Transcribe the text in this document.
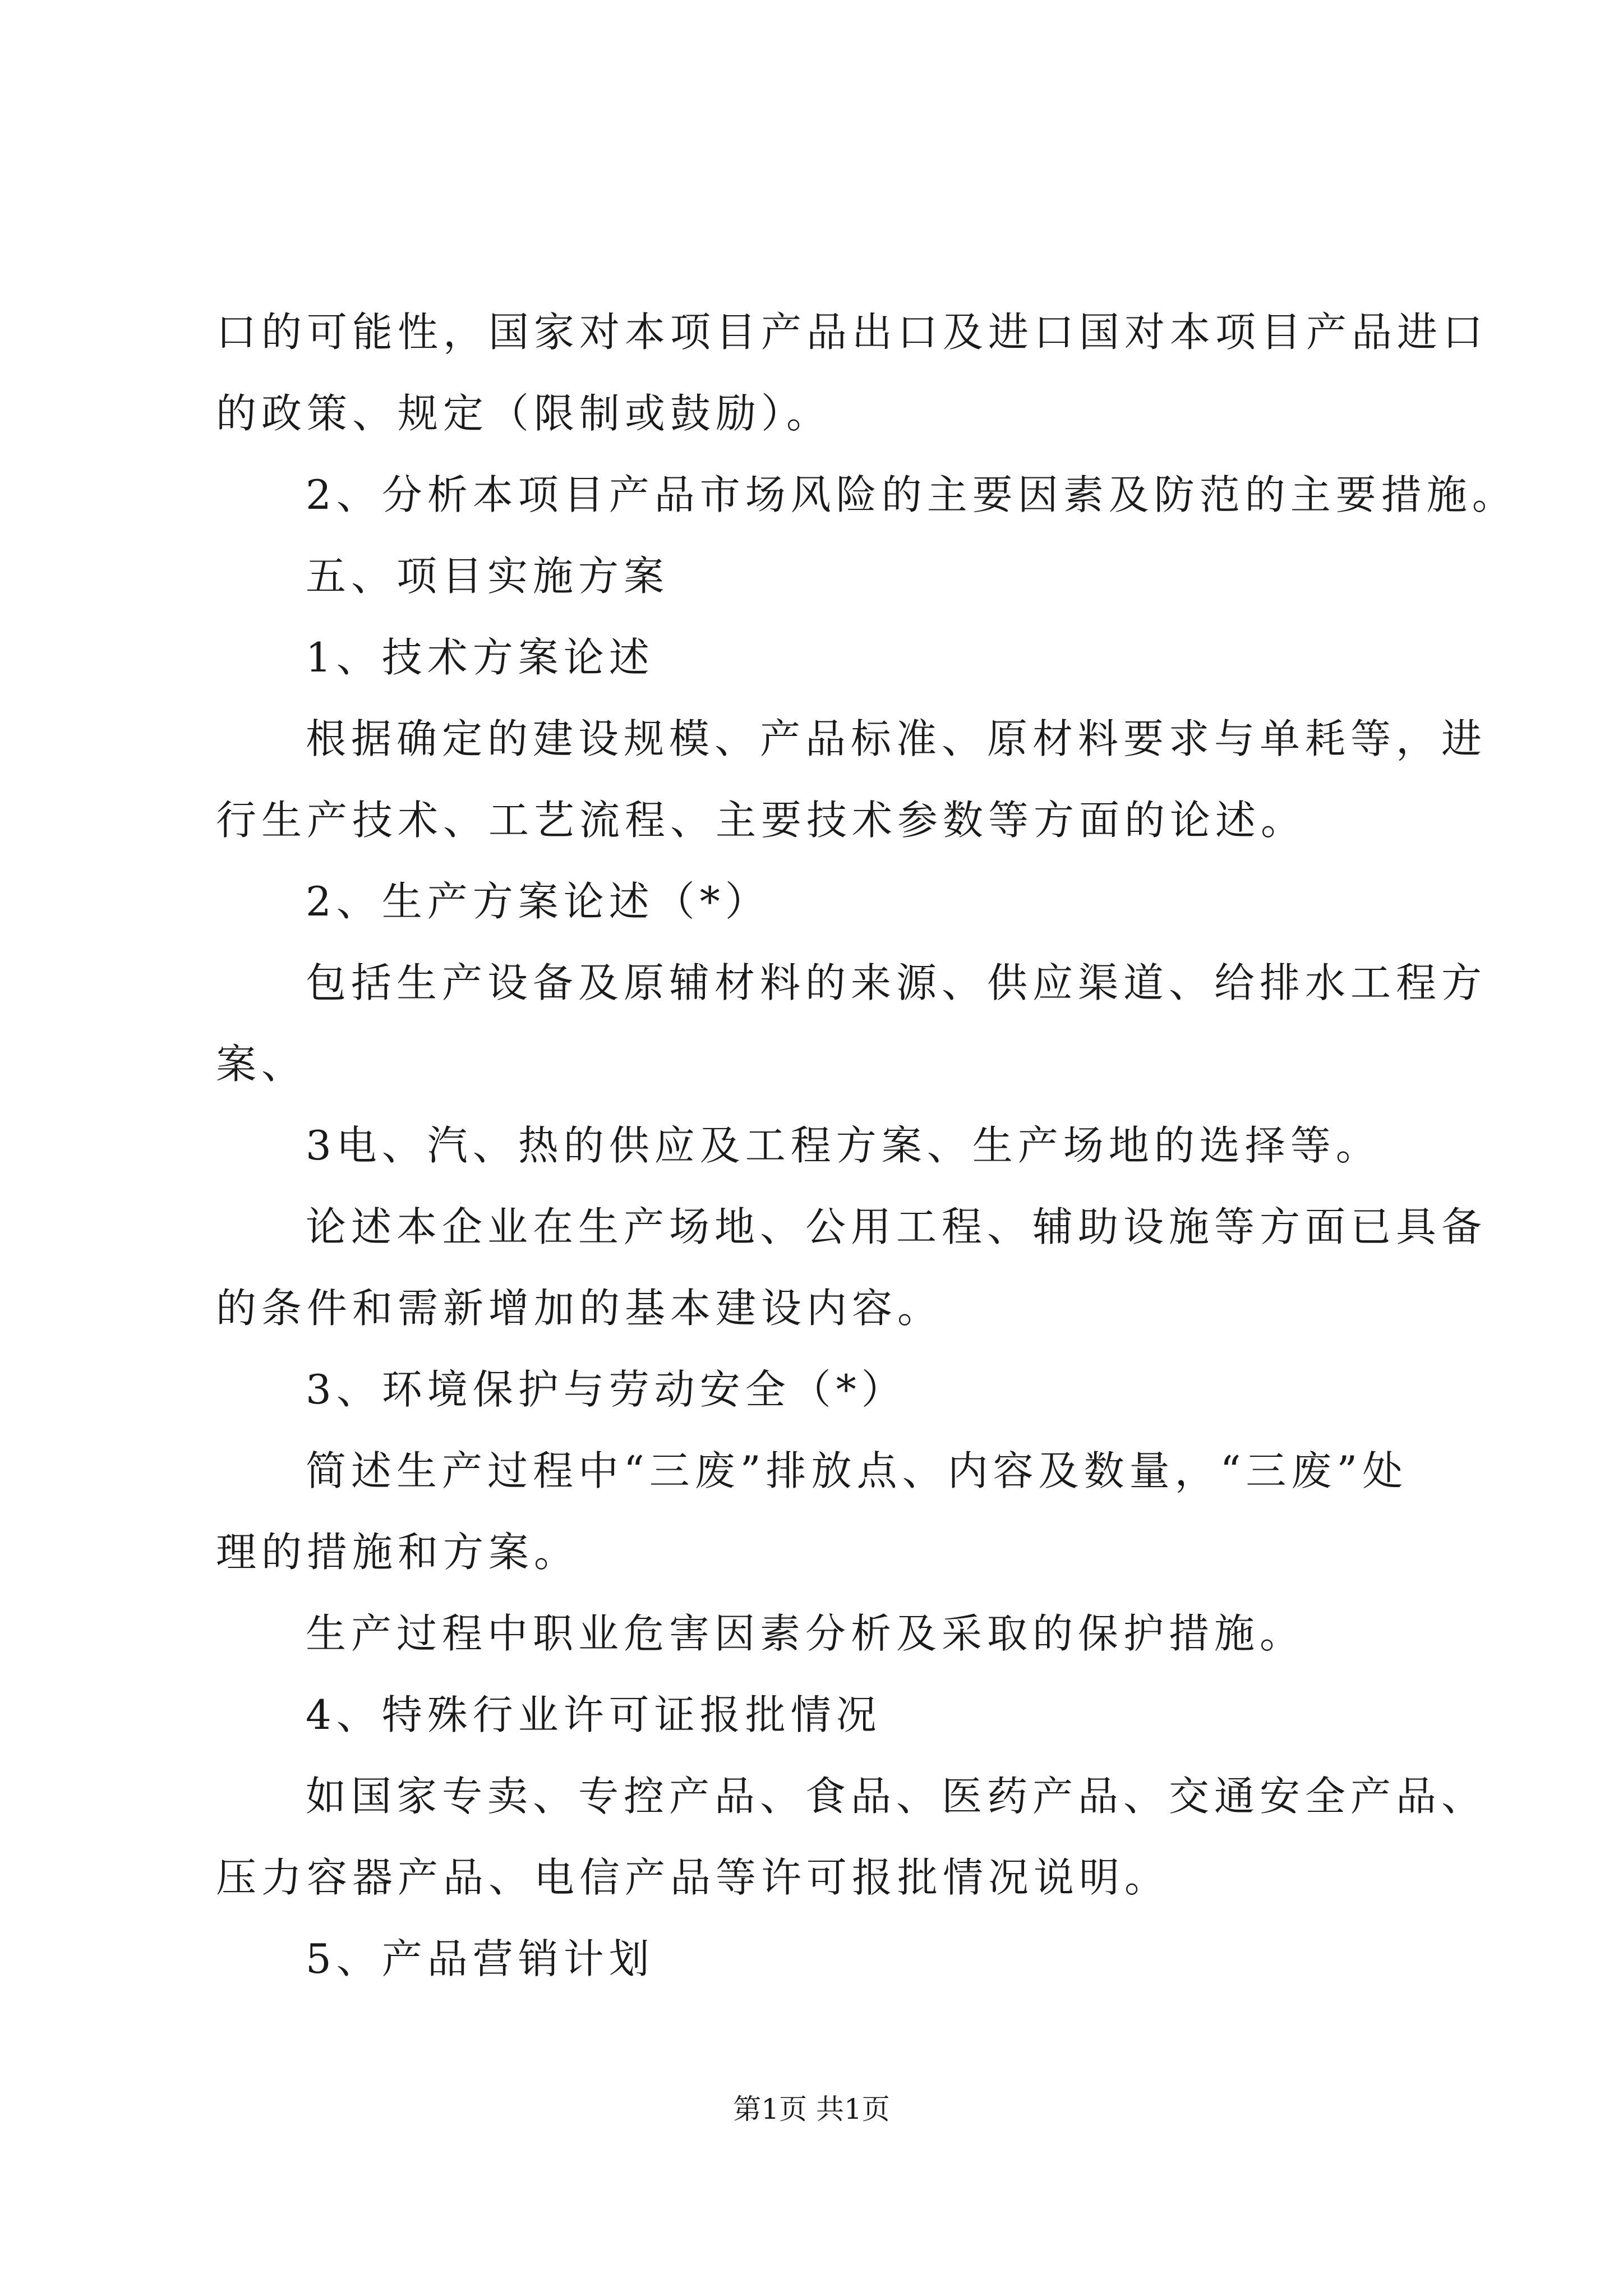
口的可能性，国家对本项目产品出口及进口国对本项目产品进口
的政策、规定（限制或鼓励）。
2、分析本项目产品市场风险的主要因素及防范的主要措施。
五、项目实施方案
1、技术方案论述
根据确定的建设规模、产品标准、原材料要求与单耗等，进
行生产技术、工艺流程、主要技术参数等方面的论述。
2、生产方案论述（*）
包括生产设备及原辅材料的来源、供应渠道、给排水工程方
案、
3电、汽、热的供应及工程方案、生产场地的选择等。
论述本企业在生产场地、公用工程、辅助设施等方面已具备
的条件和需新增加的基本建设内容。
3、环境保护与劳动安全（*）
简述生产过程中“三废”排放点、内容及数量，“三废”处
理的措施和方案。
生产过程中职业危害因素分析及采取的保护措施。
4、特殊行业许可证报批情况
如国家专卖、专控产品、食品、医药产品、交通安全产品、
压力容器产品、电信产品等许可报批情况说明。
5、产品营销计划
第1页 共1页
